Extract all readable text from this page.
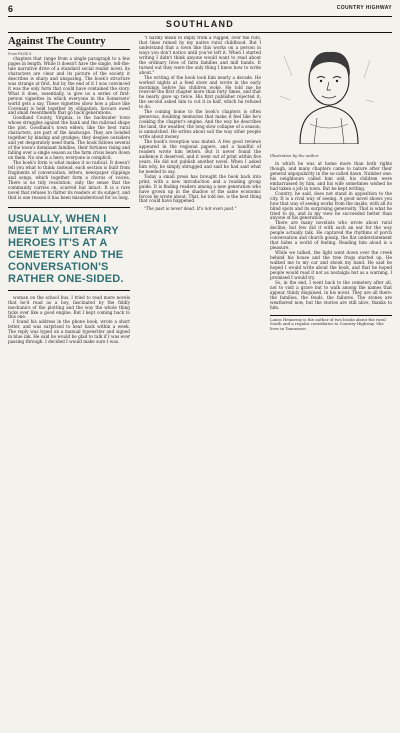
6	COUNTRY HIGHWAY
SOUTHLAND
Against The Country
From PAGE 5

chapters that range from a single paragraph to a few pages in length. While it doesn't have the single, tell-the-tale narrative drive of a standard social realist novel, its characters are clear and its picture of the society it describes is sharp and unsparing. The book's structure was strange at first, but by the end of it I was convinced it was the only form that could have contained the story. What it does, essentially, is give us a series of first-person vignettes in which everyone in the Somersets' world gets a say. These vignettes show how a place like Covenant is held together by obligation, favours owed and small resentments that go back generations.

Goodland County, Virginia, is the backwater town whose struggles against the bank and the railroad shape the plot. Goodland's town elders, like the best rural characters, are part of the landscape. They are bonded together by kinship and grudges; they despise outsiders and yet desperately need them. The book follows several of the town's dominant families, their fortunes rising and falling over a single season as the farm crisis bears down on them. No one is a hero; everyone is complicit.

The book's form is what makes it so radical. It doesn't tell you what to think; instead, each section is built from fragments of conversation, letters, newspaper clippings and songs, which together form a chorus of voices. There is no tidy resolution, only the sense that the community carries on, scarred but intact. It is a rare novel that refuses to flatter its readers or its subject, and that is one reason it has been misunderstood for so long.

USUALLY, WHEN I MEET MY LITERARY HEROES IT'S AT A CEMETERY AND THE CONVERSATION'S RATHER ONE-SIDED.

woman on the school bus. I tried to read more novels that he'd read as a boy, fascinated by the fiddly mechanics of the plotting and the way the whole thing ticks over like a good engine. But I kept coming back to this one.

I found his address in the phone book, wrote a short letter, and was surprised to hear back within a week. The reply was typed on a manual typewriter and signed in blue ink. He said he would be glad to talk if I was ever passing through. I decided I would make sure I was.

"I hardly mean to imply from a rugged, over the ruts, that lines ruined by my native rural childhood. But I understand that a town like this works on a person in ways you don't notice until you've left it. When I started writing I didn't think anyone would want to read about the ordinary lives of farm families and mill hands. It turned out they were the only thing I knew how to write about."

The writing of the book took him nearly a decade. He worked nights at a feed store and wrote in the early mornings before his children woke. He told me he rewrote the first chapter more than forty times, and that he nearly gave up twice. His first publisher rejected it; the second asked him to cut it in half, which he refused to do.

The coming home to the book's chapters is often generous, doubling memories that make it feel like he's cooking the chapter's engine. And the way he describes the land, the weather, the long slow collapse of a season, is unmatched. He writes about soil the way other people write about money.

The book's reception was muted. A few good reviews appeared in the regional papers, and a handful of readers wrote him letters. But it never found the audience it deserved, and it went out of print within five years. He did not publish another novel. When I asked him why, he simply shrugged and said he had said what he needed to say.

Today a small press has brought the book back into print, with a new introduction and a reading group guide. It is finding readers among a new generation who have grown up in the shadow of the same economic forces he wrote about. That, he told me, is the best thing that could have happened.

"The past is never dead. It's not even past."

Illustration by the author

in which he was at home more than both rights though, and many chapters came to nature after their general unpopularity in the so-called dawn. Number one: his neighbours called him odd, his children were embarrassed by him, and his wife sometimes wished he had taken a job in town. But he kept writing.

Country, he said, does not stand in opposition to the city. It is a rival way of seeing. A good novel shows you how that way of seeing works from the inside, with all its blind spots and its surprising generosity. That is what he tried to do, and in my view he succeeded better than anyone of his generation.

There are many novelists who wrote about rural decline, but few did it with such an ear for the way people actually talk. He captured the rhythms of porch conversation and church gossip, the flat understatement that hides a world of feeling. Reading him aloud is a pleasure.

While we talked, the light went down over the creek behind his house and the tree frogs started up. He walked me to my car and shook my hand. He said he hoped I would write about the book, and that he hoped people would read it not as nostalgia but as a warning. I promised I would try.

So, in the end, I went back to the cemetery after all, not to visit a grave but to walk among the names that appear, thinly disguised, in his novel. They are all there: the families, the feuds, the failures. The stones are weathered now, but the stories are still alive, thanks to him.

Laura Hennessy is the author of two books about the rural South and a regular contributor to Country Highway. She lives in Tennessee.
